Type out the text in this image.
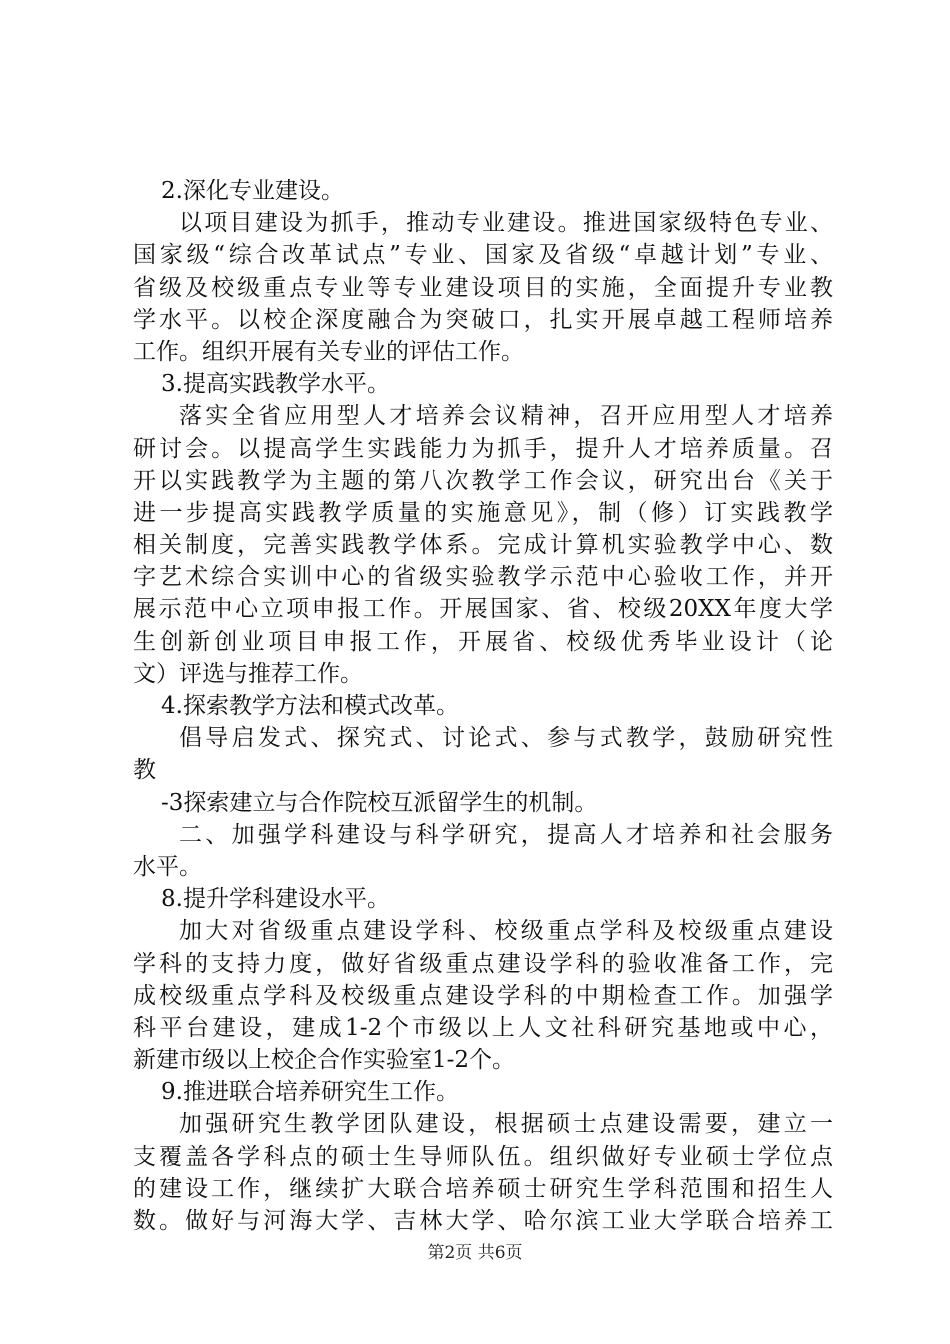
2.深化专业建设。
以项目建设为抓手，推动专业建设。推进国家级特色专业、
国家级“综合改革试点”专业、国家及省级“卓越计划”专业、
省级及校级重点专业等专业建设项目的实施，全面提升专业教
学水平。以校企深度融合为突破口，扎实开展卓越工程师培养
工作。组织开展有关专业的评估工作。
3.提高实践教学水平。
落实全省应用型人才培养会议精神，召开应用型人才培养
研讨会。以提高学生实践能力为抓手，提升人才培养质量。召
开以实践教学为主题的第八次教学工作会议，研究出台《关于
进一步提高实践教学质量的实施意见》，制（修）订实践教学
相关制度，完善实践教学体系。完成计算机实验教学中心、数
字艺术综合实训中心的省级实验教学示范中心验收工作，并开
展示范中心立项申报工作。开展国家、省、校级20XX年度大学
生创新创业项目申报工作，开展省、校级优秀毕业设计（论
文）评选与推荐工作。
4.探索教学方法和模式改革。
倡导启发式、探究式、讨论式、参与式教学，鼓励研究性
教
-3探索建立与合作院校互派留学生的机制。
二、加强学科建设与科学研究，提高人才培养和社会服务
水平。
8.提升学科建设水平。
加大对省级重点建设学科、校级重点学科及校级重点建设
学科的支持力度，做好省级重点建设学科的验收准备工作，完
成校级重点学科及校级重点建设学科的中期检查工作。加强学
科平台建设，建成1-2个市级以上人文社科研究基地或中心，
新建市级以上校企合作实验室1-2个。
9.推进联合培养研究生工作。
加强研究生教学团队建设，根据硕士点建设需要，建立一
支覆盖各学科点的硕士生导师队伍。组织做好专业硕士学位点
的建设工作，继续扩大联合培养硕士研究生学科范围和招生人
数。做好与河海大学、吉林大学、哈尔滨工业大学联合培养工
第2页 共6页
